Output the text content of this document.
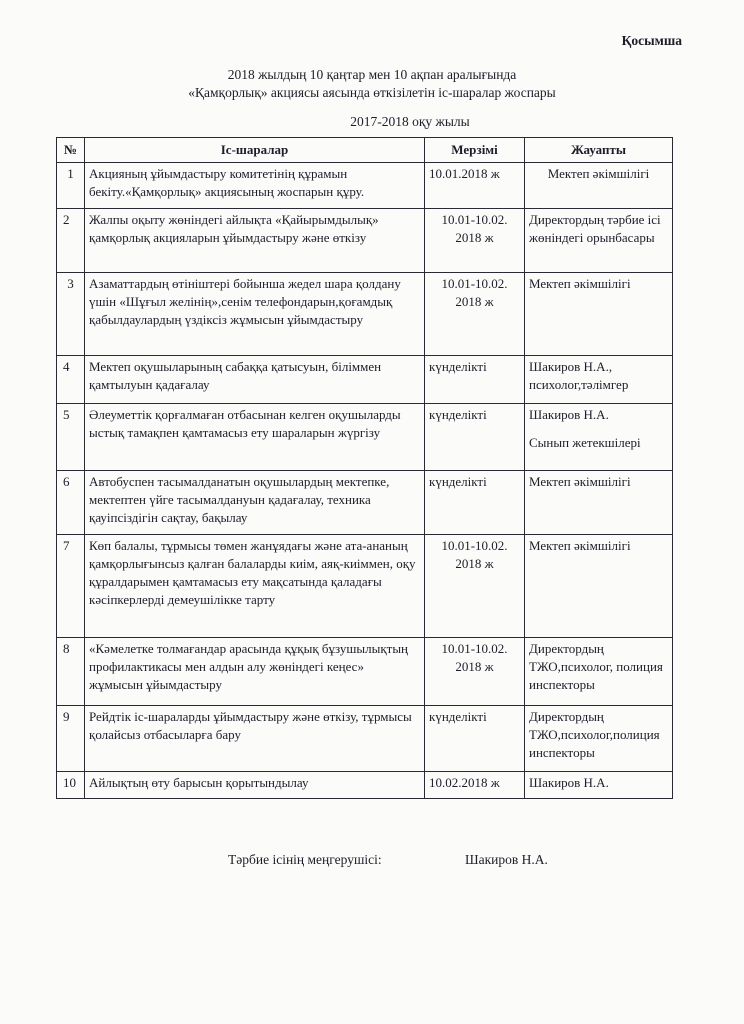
Қосымша
2018 жылдың 10 қаңтар мен 10 ақпан аралығында
«Қамқорлық» акциясы аясында өткізілетін іс-шаралар жоспары
2017-2018 оқу жылы
№	Іс-шаралар	Мерзімі	Жауапты
1	Акцияның ұйымдастыру комитетінің құрамын бекіту.«Қамқорлық» акциясының жоспарын құру.	10.01.2018 ж	Мектеп әкімшілігі
2	Жалпы оқыту жөніндегі айлықта «Қайырымдылық» қамқорлық акцияларын ұйымдастыру және өткізу	10.01-10.02. 2018 ж	Директордың тәрбие ісі жөніндегі орынбасары
3	Азаматтардың өтініштері бойынша жедел шара қолдану үшін «Шұғыл желінің»,сенім телефондарын,қоғамдық қабылдаулардың үздіксіз жұмысын ұйымдастыру	10.01-10.02. 2018 ж	Мектеп әкімшілігі
4	Мектеп оқушыларының сабаққа қатысуын, біліммен қамтылуын қадағалау	күнделікті	Шакиров Н.А., психолог,тәлімгер
5	Әлеуметтік қорғалмаған отбасынан келген оқушыларды ыстық тамақпен қамтамасыз ету шараларын жүргізу	күнделікті	Шакиров Н.А.
Сынып жетекшілері

6	Автобуспен тасымалданатын оқушылардың мектепке, мектептен үйге тасымалдануын қадағалау, техника қауіпсіздігін сақтау, бақылау	күнделікті	Мектеп әкімшілігі
7	Көп балалы, тұрмысы төмен жанұядағы және ата-ананың қамқорлығынсыз қалған балаларды киім, аяқ-киіммен, оқу құралдарымен қамтамасыз ету мақсатында қаладағы кәсіпкерлерді демеушілікке тарту	10.01-10.02. 2018 ж	Мектеп әкімшілігі
8	«Кәмелетке толмағандар арасында құқық бұзушылықтың профилактикасы мен алдын алу жөніндегі кеңес» жұмысын ұйымдастыру	10.01-10.02. 2018 ж	Директордың ТЖО,психолог, полиция инспекторы
9	Рейдтік іс-шараларды ұйымдастыру және өткізу, тұрмысы қолайсыз отбасыларға бару	күнделікті	Директордың ТЖО,психолог,полиция инспекторы
10	Айлықтың өту барысын қорытындылау	10.02.2018 ж	Шакиров Н.А.
Тәрбие ісінің меңгерушісі:	Шакиров Н.А.
